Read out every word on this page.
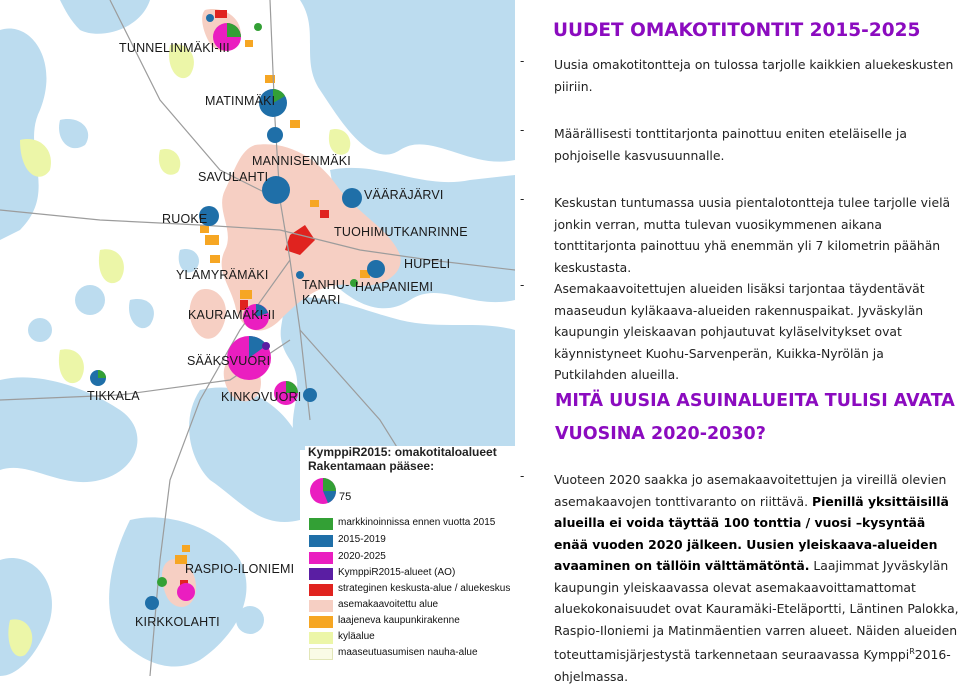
TUNNELINMÄKI-III
MATINMÄKI
MANNISENMÄKI
SAVULAHTI
VÄÄRÄJÄRVI
RUOKE
TUOHIMUTKANRINNE
HUPELI
YLÄMYRÄMÄKI
TANHU-
KAARI
HAAPANIEMI
KAURAMÄKI-II
SÄÄKSVUORI
TIKKALA	KINKOVUORI
RASPIO-ILONIEMI
KIRKKOLAHTI
KymppiR2015: omakotitaloalueet
Rakentamaan pääsee:
75
markkinoinnissa ennen vuotta 2015
2015-2019
2020-2025
KymppiR2015-alueet (AO)
strateginen keskusta-alue / aluekeskus
asemakaavoitettu alue
laajeneva kaupunkirakenne
kyläalue
maaseutuasumisen nauha-alue
UUDET OMAKOTITONTIT 2015-2025
- Uusia omakotitontteja on tulossa tarjolle kaikkien aluekeskusten piiriin.
- Määrällisesti tonttitarjonta painottuu eniten eteläiselle ja pohjoiselle kasvusuunnalle.
- Keskustan tuntumassa uusia pientalotontteja tulee tarjolle vielä jonkin verran, mutta tulevan vuosikymmenen aikana tonttitarjonta painottuu yhä enemmän yli 7 kilometrin päähän keskustasta.
- Asemakaavoitettujen alueiden lisäksi tarjontaa täydentävät maaseudun kyläkaava-alueiden rakennuspaikat. Jyväskylän kaupungin yleiskaavan pohjautuvat kyläselvitykset ovat käynnistyneet Kuohu-Sarvenperän, Kuikka-Nyrölän ja Putkilahden alueilla.
MITÄ UUSIA ASUINALUEITA TULISI AVATA
VUOSINA 2020-2030?
- Vuoteen 2020 saakka jo asemakaavoitettujen ja vireillä olevien asemakaavojen tonttivaranto on riittävä. Pienillä yksittäisillä alueilla ei voida täyttää 100 tonttia / vuosi –kysyntää enää vuoden 2020 jälkeen. Uusien yleiskaava-alueiden avaaminen on tällöin välttämätöntä. Laajimmat Jyväskylän kaupungin yleiskaavassa olevat asemakaavoittamattomat aluekokonaisuudet ovat Kauramäki-Eteläportti, Läntinen Palokka, Raspio-Iloniemi ja Matinmäentien varren alueet. Näiden alueiden toteuttamisjärjestystä tarkennetaan seuraavassa Kymppi$^R$2016-ohjelmassa.
